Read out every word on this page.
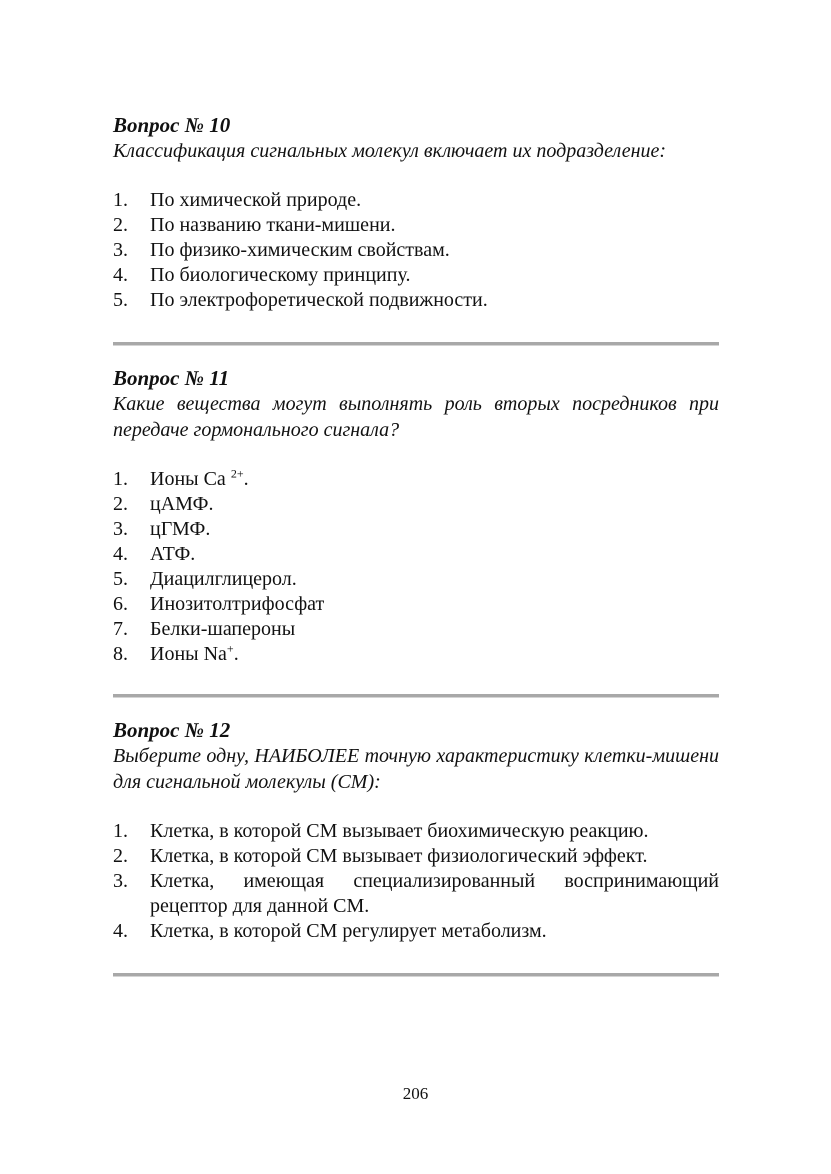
Вопрос № 10

Классификация сигнальных молекул включает их подразделение:

1.	По химической природе.
2.	По названию ткани-мишени.
3.	По физико-химическим свойствам.
4.	По биологическому принципу.
5.	По электрофоретической подвижности.

Вопрос № 11

Какие вещества могут выполнять роль вторых посредников при передаче гормонального сигнала?

1.	Ионы Са $^{2+}$.
2.	цАМФ.
3.	цГМФ.
4.	АТФ.
5.	Диацилглицерол.
6.	Инозитолтрифосфат
7.	Белки-шапероны
8.	Ионы Na+.

Вопрос № 12

Выберите одну, НАИБОЛЕЕ точную характеристику клетки-мишени для сигнальной молекулы (СМ):

1.	Клетка, в которой СМ вызывает биохимическую реакцию.
2.	Клетка, в которой СМ вызывает физиологический эффект.
3.	Клетка, имеющая специализированный воспринимающий рецептор для данной СМ.
4.	Клетка, в которой СМ регулирует метаболизм.
206
